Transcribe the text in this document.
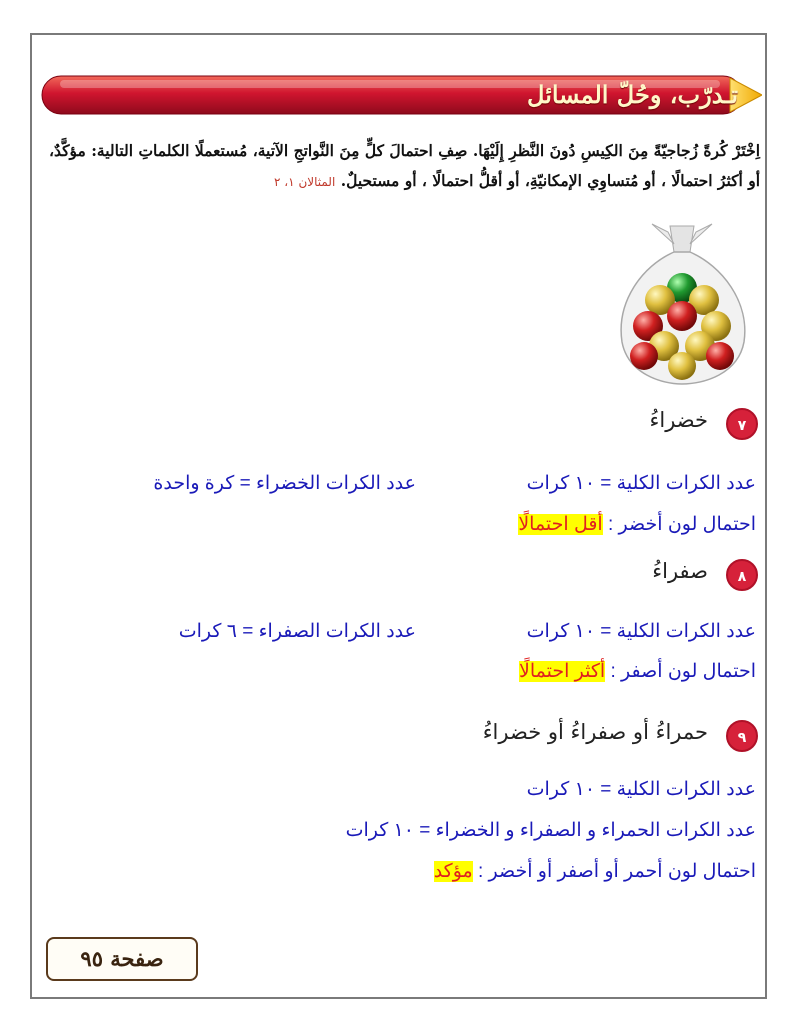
تـدرّب، وحُلّ المسائل
اِخْتَرْ كُرةً زُجاجيّةً مِنَ الكِيسِ دُونَ النَّظرِ إِلَيْهَا. صِفِ احتمالَ كلٍّ مِنَ النَّواتجِ الآتية، مُستعملًا الكلماتِ التالية: مؤكَّدٌ، أو أكثرُ احتمالًا ، أو مُتساوِي الإمكانيّةِ، أو أقلُّ احتمالًا ، أو مستحيلٌ. المثالان ١، ٢
٧
خضراءُ
عدد الكرات الكلية = ١٠ كرات
عدد الكرات الخضراء = كرة واحدة
احتمال لون أخضر : أقل احتمالًا
٨
صفراءُ
عدد الكرات الكلية = ١٠ كرات
عدد الكرات الصفراء = ٦ كرات
احتمال لون أصفر : أكثر احتمالًا
٩
حمراءُ أو صفراءُ أو خضراءُ
عدد الكرات الكلية = ١٠ كرات
عدد الكرات الحمراء و الصفراء و الخضراء = ١٠ كرات
احتمال لون أحمر أو أصفر أو أخضر : مؤكد
صفحة ٩٥
